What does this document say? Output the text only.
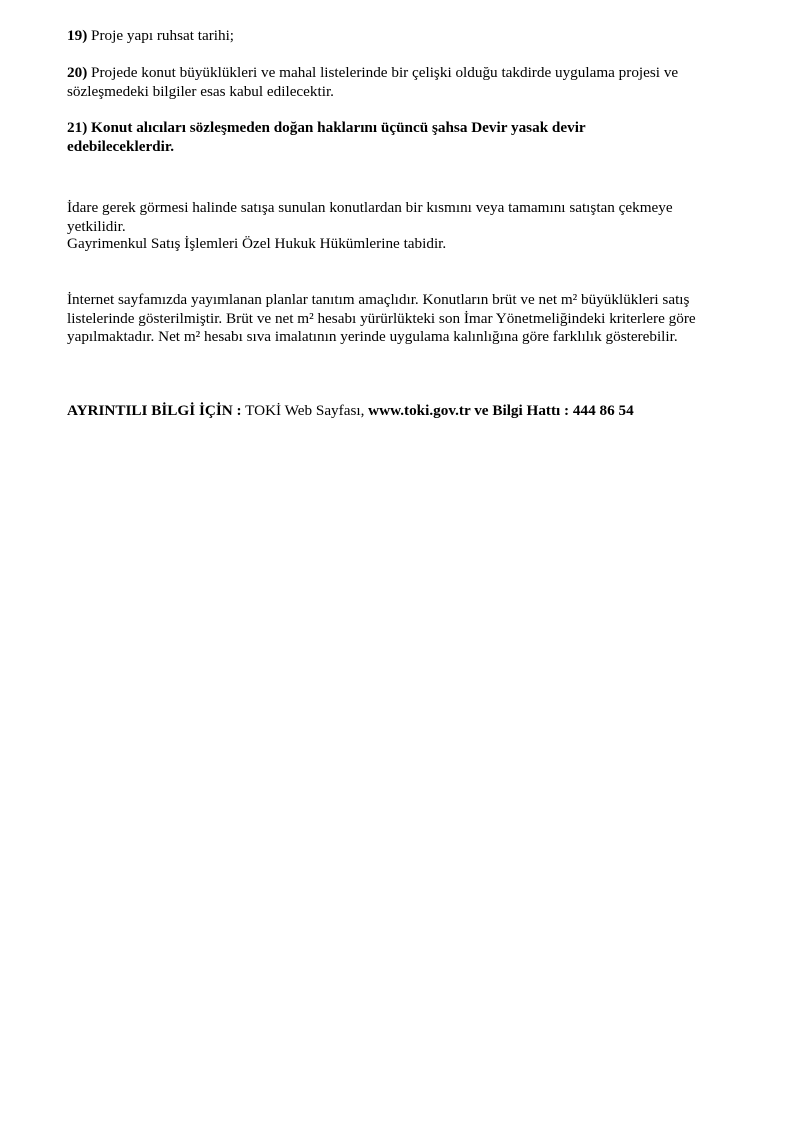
19) Proje yapı ruhsat tarihi;

20) Projede konut büyüklükleri ve mahal listelerinde bir çelişki olduğu takdirde uygulama projesi ve sözleşmedeki bilgiler esas kabul edilecektir.

21) Konut alıcıları sözleşmeden doğan haklarını üçüncü şahsa Devir yasak devir edebileceklerdir.

İdare gerek görmesi halinde satışa sunulan konutlardan bir kısmını veya tamamını satıştan çekmeye yetkilidir.

Gayrimenkul Satış İşlemleri Özel Hukuk Hükümlerine tabidir.

İnternet sayfamızda yayımlanan planlar tanıtım amaçlıdır. Konutların brüt ve net m² büyüklükleri satış listelerinde gösterilmiştir. Brüt ve net m² hesabı yürürlükteki son İmar Yönetmeliğindeki kriterlere göre yapılmaktadır. Net m² hesabı sıva imalatının yerinde uygulama kalınlığına göre farklılık gösterebilir.

AYRINTILI BİLGİ İÇİN : TOKİ Web Sayfası, www.toki.gov.tr ve Bilgi Hattı : 444 86 54
